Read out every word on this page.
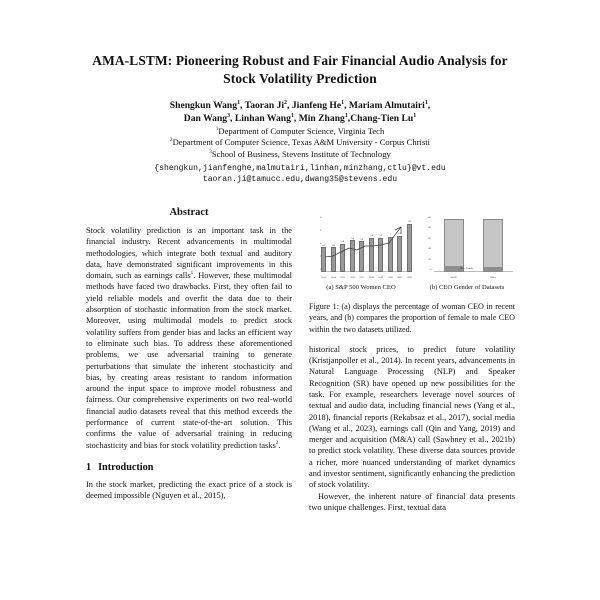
AMA-LSTM: Pioneering Robust and Fair Financial Audio Analysis for Stock Volatility Prediction
Shengkun Wang$^1$, Taoran Ji$^2$, Jianfeng He$^1$, Mariam Almutairi$^1$,
Dan Wang$^3$, Linhan Wang$^1$, Min Zhang$^1$,Chang-Tien Lu$^1$
$^1$Department of Computer Science, Virginia Tech
$^2$Department of Computer Science, Texas A&M University - Corpus Christi
$^3$School of Business, Stevens Institute of Technology
{shengkun,jianfenghe,malmutairi,linhan,minzhang,ctlu}@vt.edu
taoran.ji@tamucc.edu,dwang35@stevens.edu
Abstract

Stock volatility prediction is an important task in the financial industry. Recent advancements in multimodal methodologies, which integrate both textual and auditory data, have demonstrated significant improvements in this domain, such as earnings calls$^1$. However, these multimodal methods have faced two drawbacks. First, they often fail to yield reliable models and overfit the data due to their absorption of stochastic information from the stock market. Moreover, using multimodal models to predict stock volatility suffers from gender bias and lacks an efficient way to eliminate such bias. To address these aforementioned problems, we use adversarial training to generate perturbations that simulate the inherent stochasticity and bias, by creating areas resistant to random information around the input space to improve model robustness and fairness. Our comprehensive experiments on two real-world financial audio datasets reveal that this method exceeds the performance of current state-of-the-art solution. This confirms the value of adversarial training in reducing stochasticity and bias for stock volatility prediction tasks$^2$.

1 Introduction

In the stock market, predicting the exact price of a stock is deemed impossible (Nguyen et al., 2015),

8
6
4
4.2
2013
4.2
2014
4.8
2015
5.4
2016
5.2
2017
5.8
2018
5.8
2019
6
2020
6.2
2021
8.2
2022
100
80
60
40
20
0
MAEC	M&A
Male Female
(a) S&P 500 Women CEO	(b) CEO Gender of Datasets
Figure 1: (a) displays the percentage of woman CEO in recent years, and (b) compares the proportion of female to male CEO within the two datasets utilized.

historical stock prices, to predict future volatility (Kristjanpoller et al., 2014). In recent years, advancements in Natural Language Processing (NLP) and Speaker Recognition (SR) have opened up new possibilities for the task. For example, researchers leverage novel sources of textual and audio data, including financial news (Yang et al., 2018), financial reports (Rekabsaz et al., 2017), social media (Wang et al., 2023), earnings call (Qin and Yang, 2019) and merger and acquisition (M&A) call (Sawhney et al., 2021b) to predict stock volatility. These diverse data sources provide a richer, more nuanced understanding of market dynamics and investor sentiment, significantly enhancing the prediction of stock volatility.

However, the inherent nature of financial data presents two unique challenges. First, textual data
